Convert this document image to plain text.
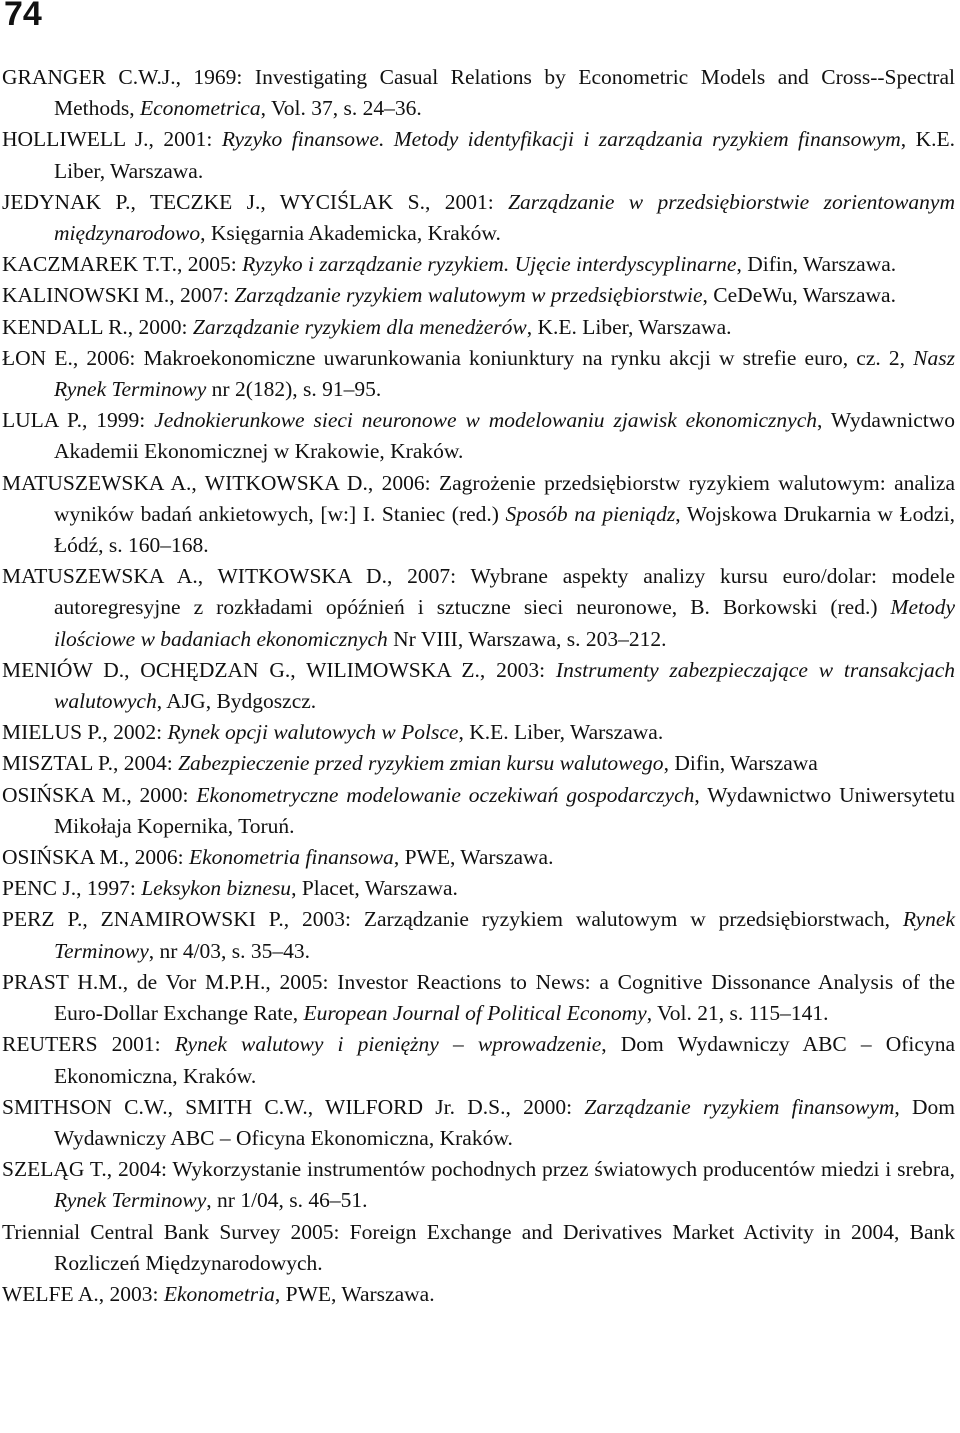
74
GRANGER C.W.J., 1969: Investigating Casual Relations by Econometric Models and Cross--Spectral Methods, Econometrica, Vol. 37, s. 24–36.
HOLLIWELL J., 2001: Ryzyko finansowe. Metody identyfikacji i zarządzania ryzykiem finansowym, K.E. Liber, Warszawa.
JEDYNAK P., TECZKE J., WYCIŚLAK S., 2001: Zarządzanie w przedsiębiorstwie zorientowanym międzynarodowo, Księgarnia Akademicka, Kraków.
KACZMAREK T.T., 2005: Ryzyko i zarządzanie ryzykiem. Ujęcie interdyscyplinarne, Difin, Warszawa.
KALINOWSKI M., 2007: Zarządzanie ryzykiem walutowym w przedsiębiorstwie, CeDeWu, Warszawa.
KENDALL R., 2000: Zarządzanie ryzykiem dla menedżerów, K.E. Liber, Warszawa.
ŁON E., 2006: Makroekonomiczne uwarunkowania koniunktury na rynku akcji w strefie euro, cz. 2, Nasz Rynek Terminowy nr 2(182), s. 91–95.
LULA P., 1999: Jednokierunkowe sieci neuronowe w modelowaniu zjawisk ekonomicznych, Wydawnictwo Akademii Ekonomicznej w Krakowie, Kraków.
MATUSZEWSKA A., WITKOWSKA D., 2006: Zagrożenie przedsiębiorstw ryzykiem walutowym: analiza wyników badań ankietowych, [w:] I. Staniec (red.) Sposób na pieniądz, Wojskowa Drukarnia w Łodzi, Łódź, s. 160–168.
MATUSZEWSKA A., WITKOWSKA D., 2007: Wybrane aspekty analizy kursu euro/dolar: modele autoregresyjne z rozkładami opóźnień i sztuczne sieci neuronowe, B. Borkowski (red.) Metody ilościowe w badaniach ekonomicznych Nr VIII, Warszawa, s. 203–212.
MENIÓW D., OCHĘDZAN G., WILIMOWSKA Z., 2003: Instrumenty zabezpieczające w transakcjach walutowych, AJG, Bydgoszcz.
MIELUS P., 2002: Rynek opcji walutowych w Polsce, K.E. Liber, Warszawa.
MISZTAL P., 2004: Zabezpieczenie przed ryzykiem zmian kursu walutowego, Difin, Warszawa
OSIŃSKA M., 2000: Ekonometryczne modelowanie oczekiwań gospodarczych, Wydawnictwo Uniwersytetu Mikołaja Kopernika, Toruń.
OSIŃSKA M., 2006: Ekonometria finansowa, PWE, Warszawa.
PENC J., 1997: Leksykon biznesu, Placet, Warszawa.
PERZ P., ZNAMIROWSKI P., 2003: Zarządzanie ryzykiem walutowym w przedsiębiorstwach, Rynek Terminowy, nr 4/03, s. 35–43.
PRAST H.M., de Vor M.P.H., 2005: Investor Reactions to News: a Cognitive Dissonance Analysis of the Euro-Dollar Exchange Rate, European Journal of Political Economy, Vol. 21, s. 115–141.
REUTERS 2001: Rynek walutowy i pieniężny – wprowadzenie, Dom Wydawniczy ABC – Oficyna Ekonomiczna, Kraków.
SMITHSON C.W., SMITH C.W., WILFORD Jr. D.S., 2000: Zarządzanie ryzykiem finansowym, Dom Wydawniczy ABC – Oficyna Ekonomiczna, Kraków.
SZELĄG T., 2004: Wykorzystanie instrumentów pochodnych przez światowych producentów miedzi i srebra, Rynek Terminowy, nr 1/04, s. 46–51.
Triennial Central Bank Survey 2005: Foreign Exchange and Derivatives Market Activity in 2004, Bank Rozliczeń Międzynarodowych.
WELFE A., 2003: Ekonometria, PWE, Warszawa.
